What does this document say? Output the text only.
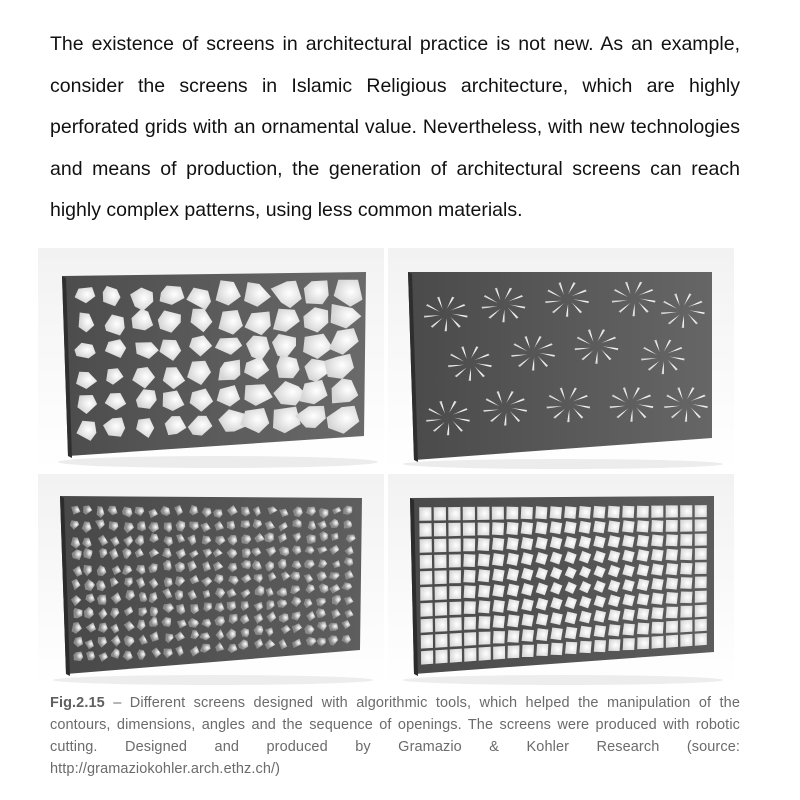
The existence of screens in architectural practice is not new. As an example, consider the screens in Islamic Religious architecture, which are highly perforated grids with an ornamental value. Nevertheless, with new technologies and means of production, the generation of architectural screens can reach highly complex patterns, using less common materials.

Fig.2.15 – Different screens designed with algorithmic tools, which helped the manipulation of the contours, dimensions, angles and the sequence of openings. The screens were produced with robotic cutting. Designed and produced by Gramazio & Kohler Research (source: http://gramaziokohler.arch.ethz.ch/)
